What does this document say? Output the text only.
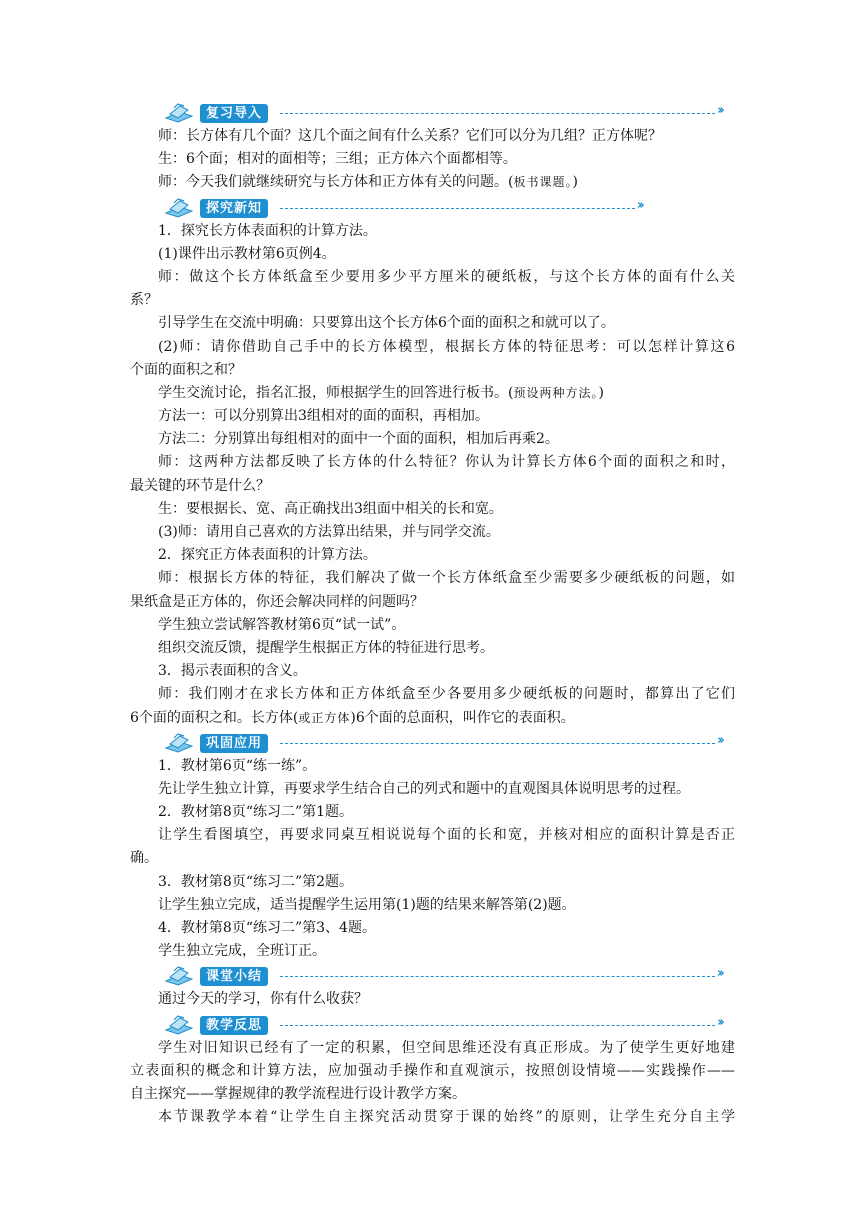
复习导入	››
师：长方体有几个面？这几个面之间有什么关系？它们可以分为几组？正方体呢？
生：6个面；相对的面相等；三组；正方体六个面都相等。
师：今天我们就继续研究与长方体和正方体有关的问题。(板书课题。)
探究新知	››
1．探究长方体表面积的计算方法。
(1)课件出示教材第6页例4。
师：做这个长方体纸盒至少要用多少平方厘米的硬纸板，与这个长方体的面有什么关
系？
引导学生在交流中明确：只要算出这个长方体6个面的面积之和就可以了。
(2)师：请你借助自己手中的长方体模型，根据长方体的特征思考：可以怎样计算这6
个面的面积之和？
学生交流讨论，指名汇报，师根据学生的回答进行板书。(预设两种方法。)
方法一：可以分别算出3组相对的面的面积，再相加。
方法二：分别算出每组相对的面中一个面的面积，相加后再乘2。
师：这两种方法都反映了长方体的什么特征？你认为计算长方体6个面的面积之和时，
最关键的环节是什么？
生：要根据长、宽、高正确找出3组面中相关的长和宽。
(3)师：请用自己喜欢的方法算出结果，并与同学交流。
2．探究正方体表面积的计算方法。
师：根据长方体的特征，我们解决了做一个长方体纸盒至少需要多少硬纸板的问题，如
果纸盒是正方体的，你还会解决同样的问题吗？
学生独立尝试解答教材第6页“试一试”。
组织交流反馈，提醒学生根据正方体的特征进行思考。
3．揭示表面积的含义。
师：我们刚才在求长方体和正方体纸盒至少各要用多少硬纸板的问题时，都算出了它们
6个面的面积之和。长方体(或正方体)6个面的总面积，叫作它的表面积。
巩固应用	››
1．教材第6页“练一练”。
先让学生独立计算，再要求学生结合自己的列式和题中的直观图具体说明思考的过程。
2．教材第8页“练习二”第1题。
让学生看图填空，再要求同桌互相说说每个面的长和宽，并核对相应的面积计算是否正
确。
3．教材第8页“练习二”第2题。
让学生独立完成，适当提醒学生运用第(1)题的结果来解答第(2)题。
4．教材第8页“练习二”第3、4题。
学生独立完成，全班订正。
课堂小结	››
通过今天的学习，你有什么收获？
教学反思	››
学生对旧知识已经有了一定的积累，但空间思维还没有真正形成。为了使学生更好地建
立表面积的概念和计算方法，应加强动手操作和直观演示，按照创设情境——实践操作——
自主探究——掌握规律的教学流程进行设计教学方案。
本节课教学本着“让学生自主探究活动贯穿于课的始终”的原则，让学生充分自主学
